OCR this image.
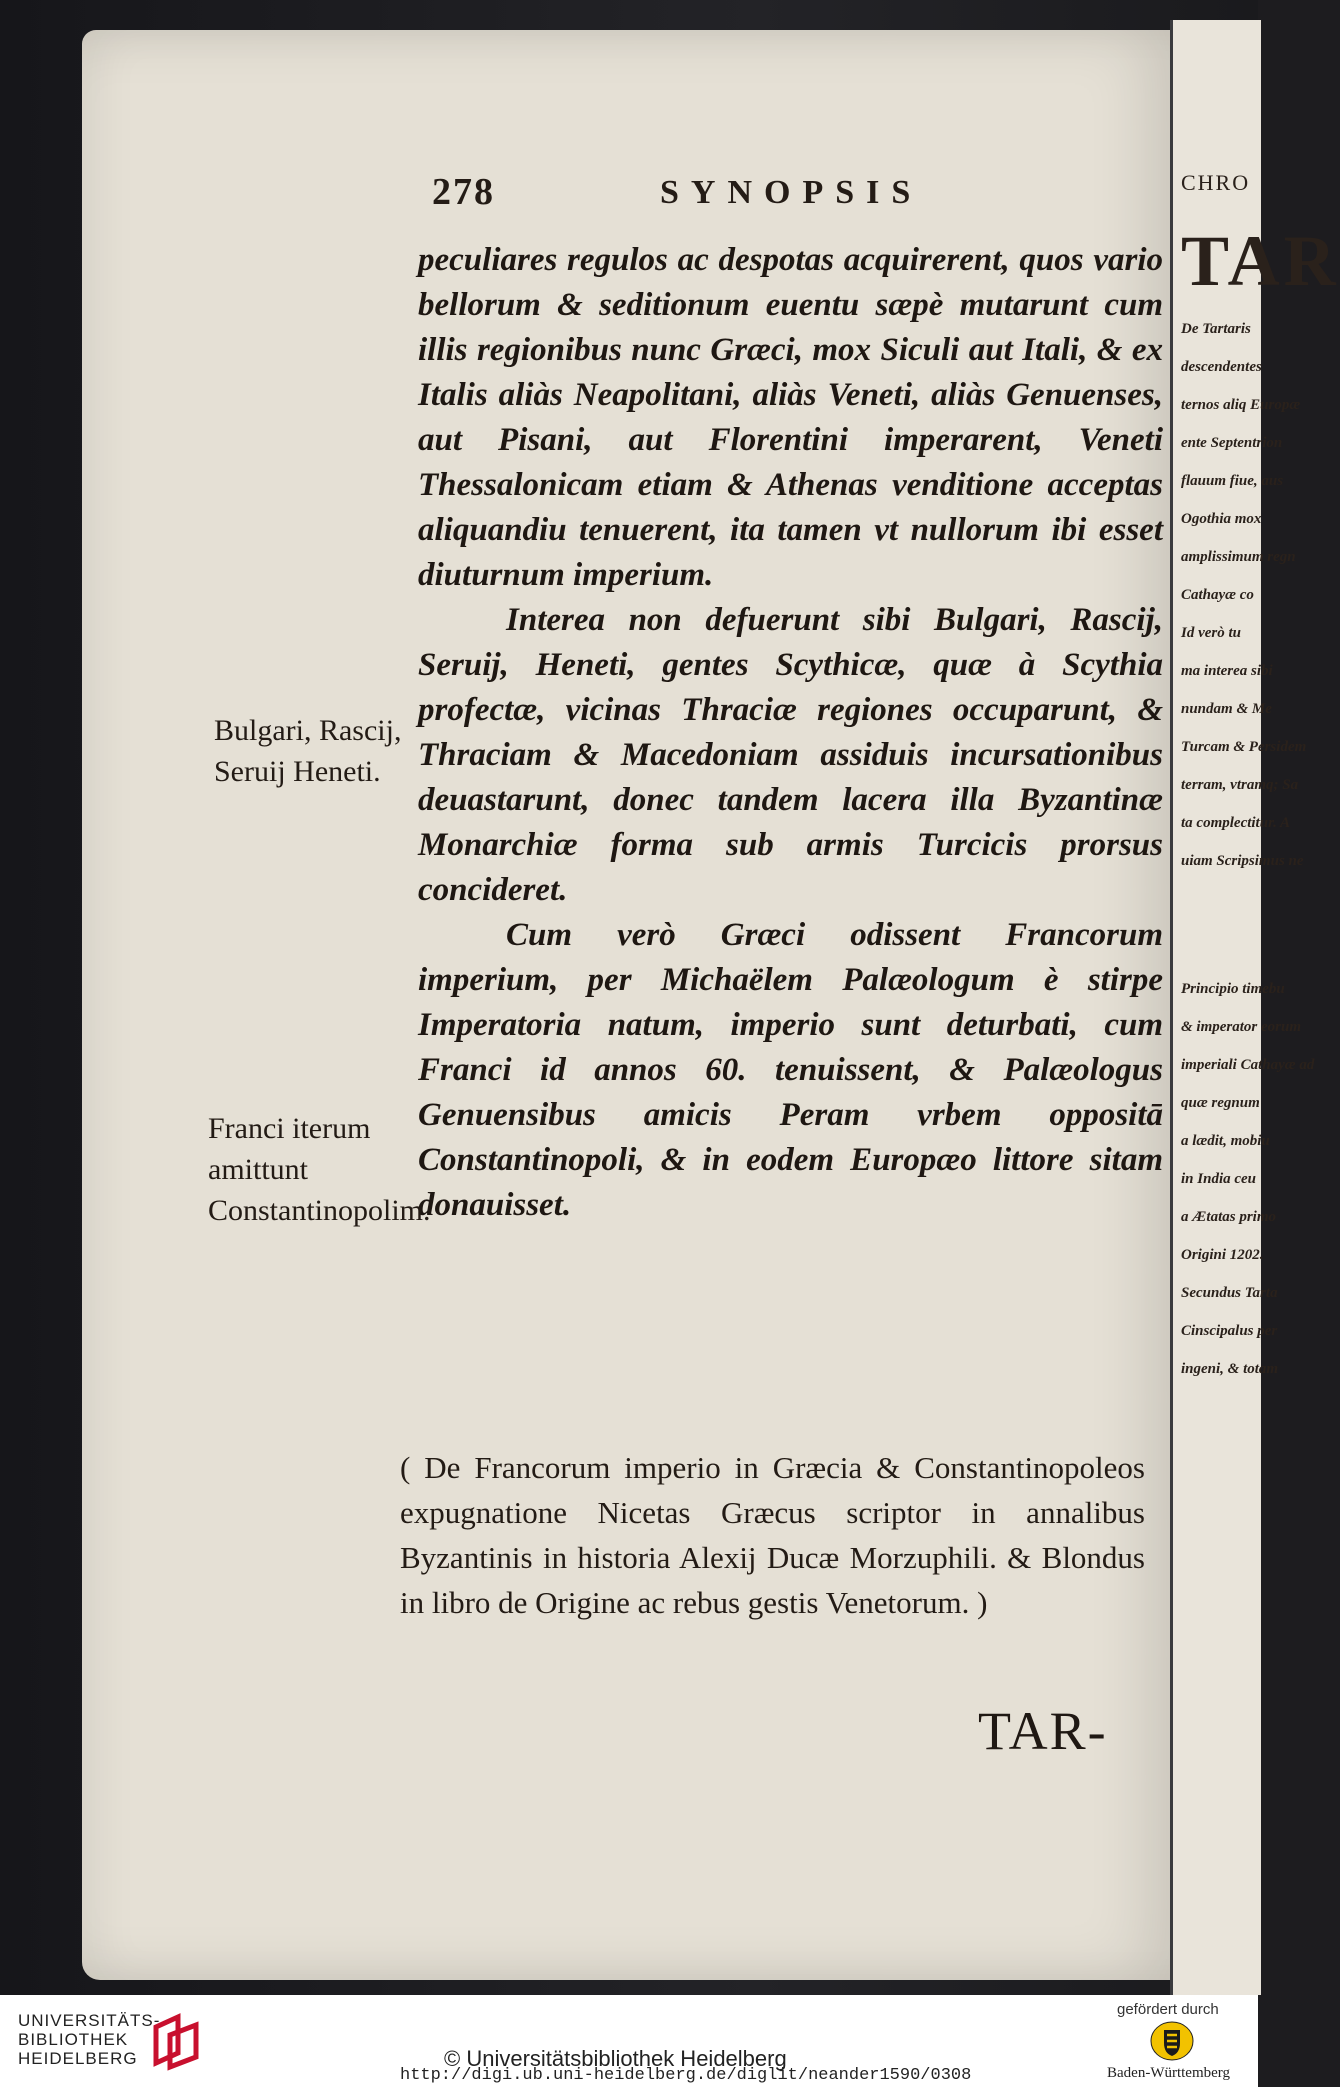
278	SYNOPSIS

peculiares regulos ac despotas acquirerent, quos vario bellorum & seditionum euentu sæpè mutarunt cum illis regionibus nunc Græci, mox Siculi aut Itali, & ex Italis aliàs Neapolitani, aliàs Veneti, aliàs Genuenses, aut Pisani, aut Florentini imperarent, Veneti Thessalonicam etiam & Athenas venditione acceptas aliquandiu tenuerent, ita tamen vt nullorum ibi esset diuturnum imperium.

Interea non defuerunt sibi Bulgari, Rascij, Seruij, Heneti, gentes Scythicæ, quæ à Scythia profectæ, vicinas Thraciæ regiones occuparunt, & Thraciam & Macedoniam assiduis incursationibus deuastarunt, donec tandem lacera illa Byzantinæ Monarchiæ forma sub armis Turcicis prorsus concideret.

Cum verò Græci odissent Francorum imperium, per Michaëlem Palæologum è stirpe Imperatoria natum, imperio sunt deturbati, cum Franci id annos 60. tenuissent, & Palæologus Genuensibus amicis Peram vrbem oppositā Constantinopoli, & in eodem Europæo littore sitam donauisset.

Bulgari, Rascij, Seruij Heneti.
Franci iterum amittunt Constantinopolim.
( De Francorum imperio in Græcia & Constantinopoleos expugnatione Nicetas Græcus scriptor in annalibus Byzantinis in historia Alexij Ducæ Morzuphili. & Blondus in libro de Origine ac rebus gestis Venetorum. )
TAR-
CHRO
TAR
De Tartaris
descendentes
ternos aliq Europæ
ente Septentrion
flauum fiue, aus
Ogothia mox
amplissimum regn
Cathayæ co
Id verò tu
ma interea sibi
nundam & Me
Turcam & Persidem
terram, vtramq; Sa
ta complectitur. A
uiam Scripsimus ne
Principio timebu
& imperator eorum
imperiali Cathayæ ad
quæ regnum
a lædit, mobiu
in India ceu
a Ætatas primo
Origini 1202.
Secundus Tarta
Cinscipalus per
ingeni, & totam
UNIVERSITÄTS-
BIBLIOTHEK
HEIDELBERG	© Universitätsbibliothek Heidelberg
http://digi.ub.uni-heidelberg.de/diglit/neander1590/0308
gefördert durch
Baden-Württemberg
